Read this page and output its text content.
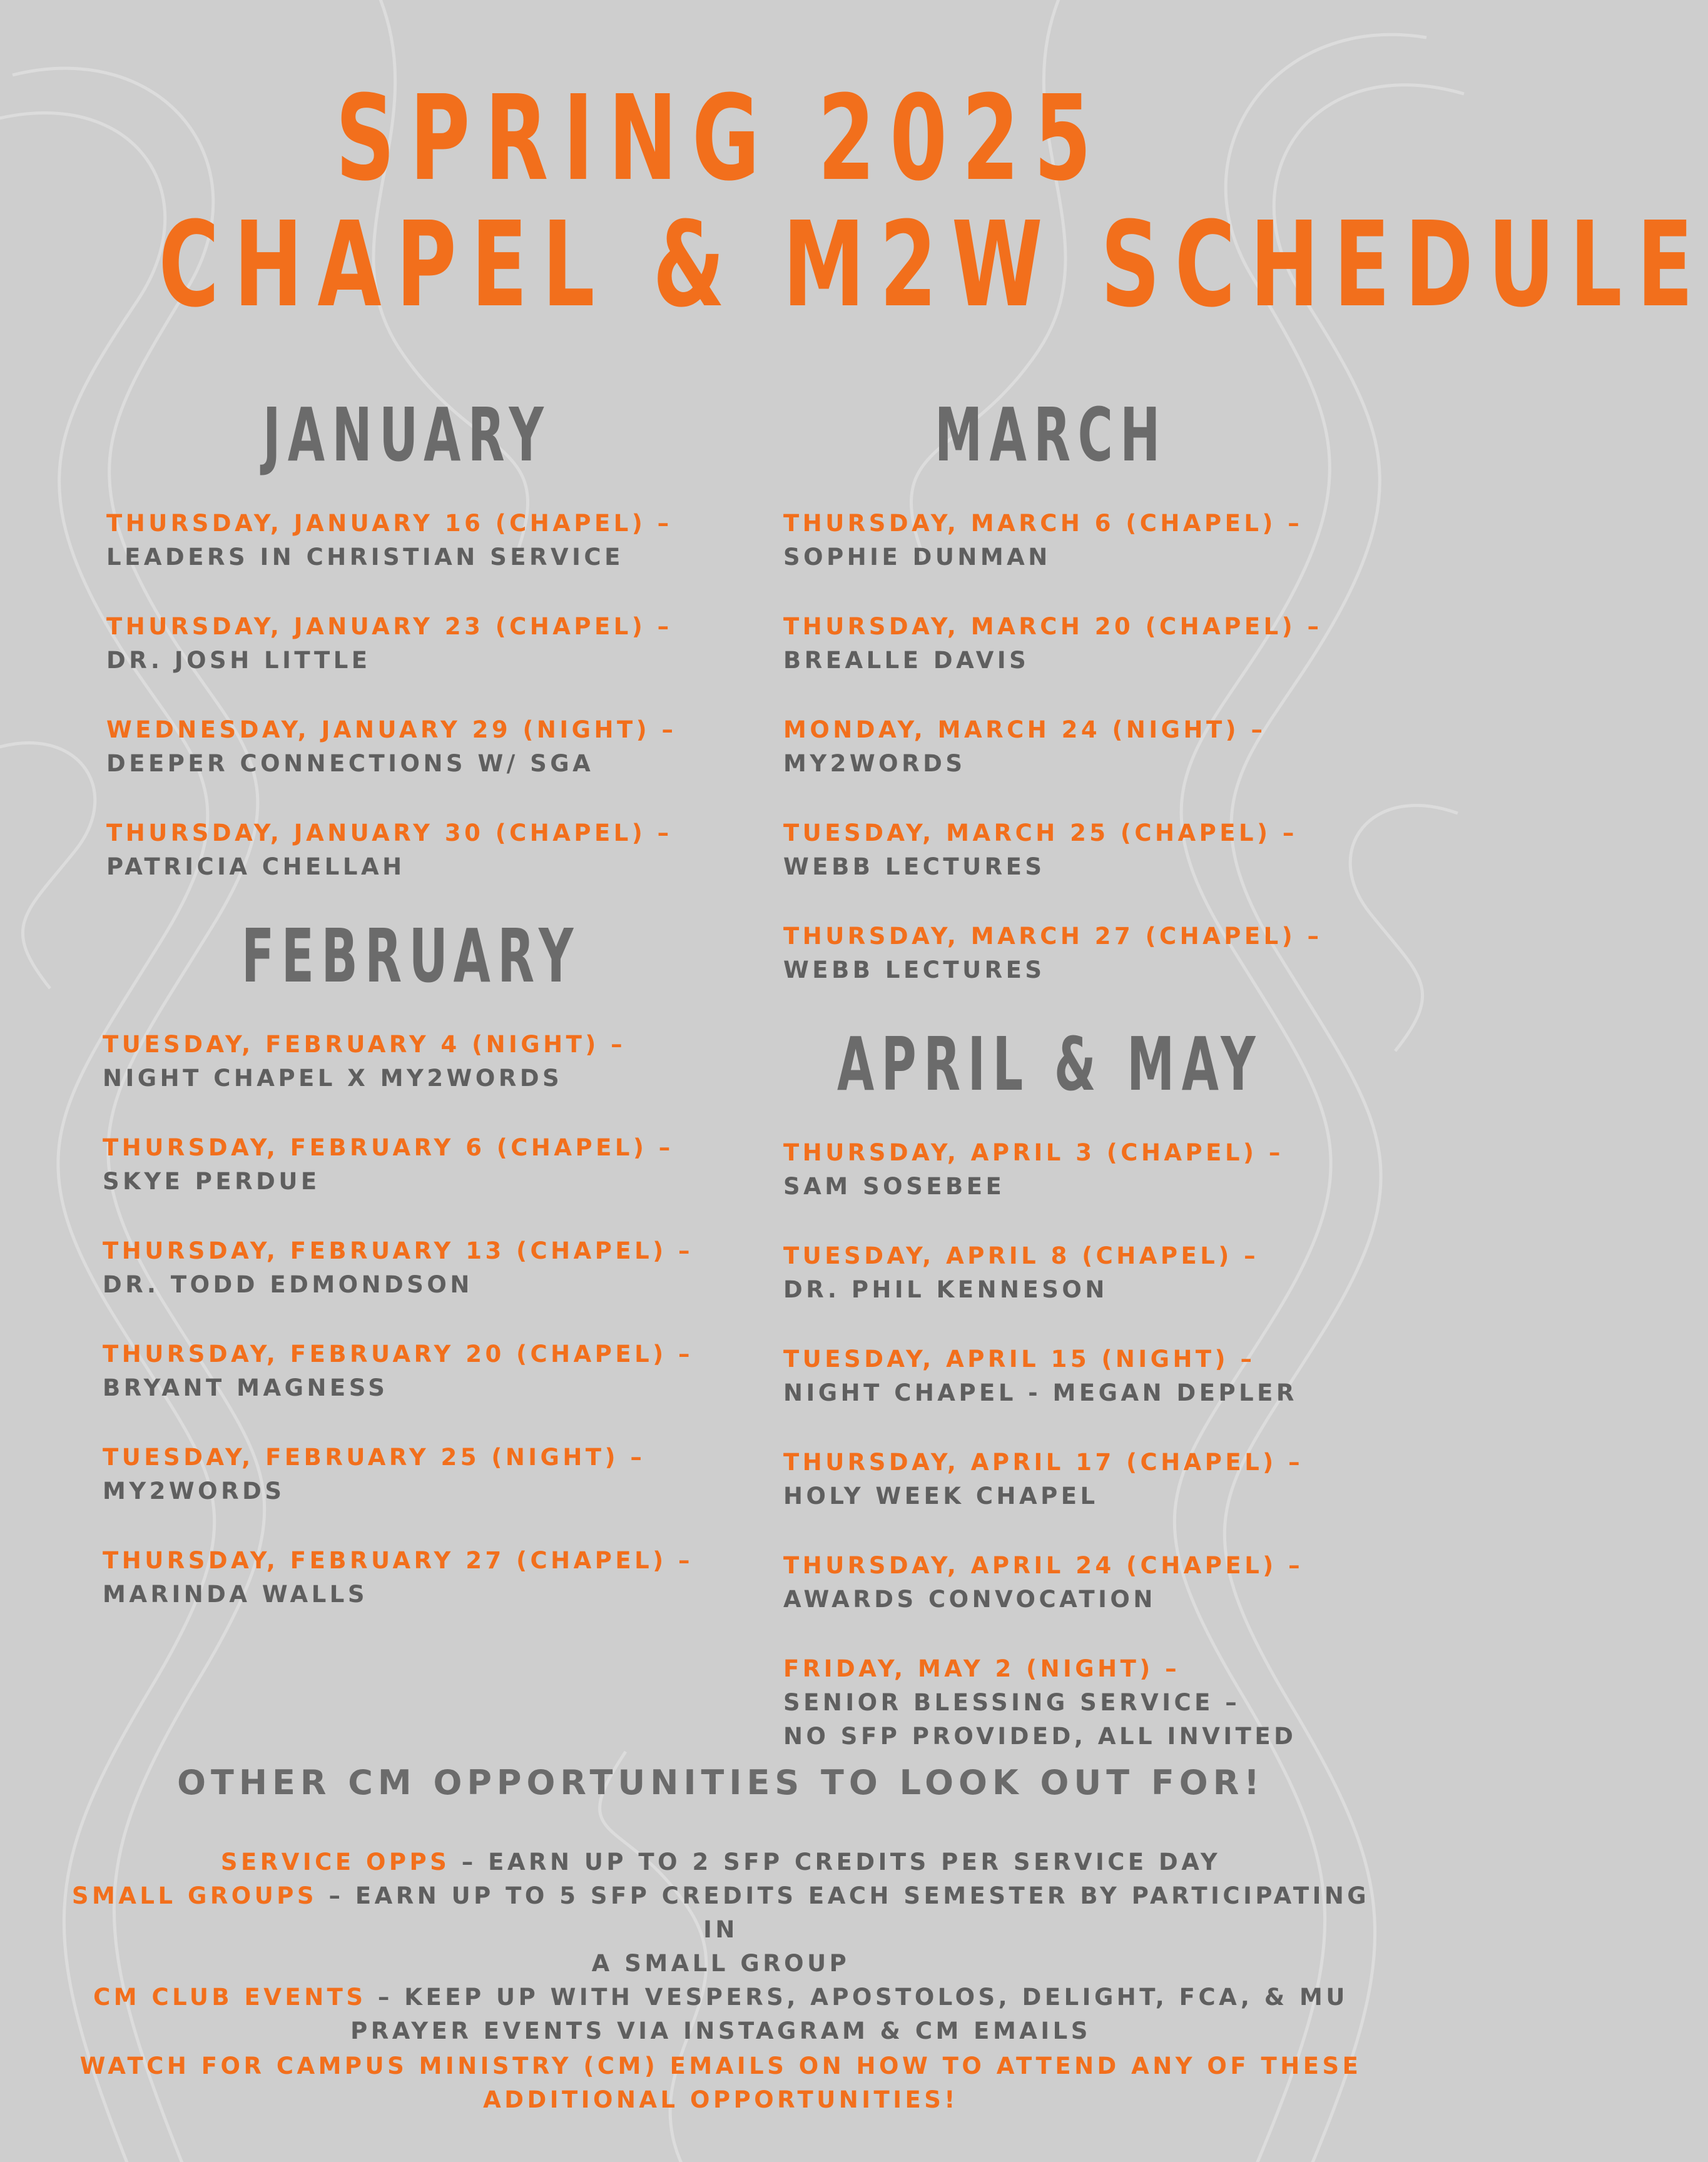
SPRING 2025
CHAPEL & M2W SCHEDULE
JANUARY
THURSDAY, JANUARY 16 (CHAPEL) –
LEADERS IN CHRISTIAN SERVICE
THURSDAY, JANUARY 23 (CHAPEL) –
DR. JOSH LITTLE
WEDNESDAY, JANUARY 29 (NIGHT) –
DEEPER CONNECTIONS W/ SGA
THURSDAY, JANUARY 30 (CHAPEL) –
PATRICIA CHELLAH
FEBRUARY
TUESDAY, FEBRUARY 4 (NIGHT) –
NIGHT CHAPEL X MY2WORDS
THURSDAY, FEBRUARY 6 (CHAPEL) –
SKYE PERDUE
THURSDAY, FEBRUARY 13 (CHAPEL) –
DR. TODD EDMONDSON
THURSDAY, FEBRUARY 20 (CHAPEL) –
BRYANT MAGNESS
TUESDAY, FEBRUARY 25 (NIGHT) –
MY2WORDS
THURSDAY, FEBRUARY 27 (CHAPEL) –
MARINDA WALLS
MARCH
THURSDAY, MARCH 6 (CHAPEL) –
SOPHIE DUNMAN
THURSDAY, MARCH 20 (CHAPEL) –
BREALLE DAVIS
MONDAY, MARCH 24 (NIGHT) –
MY2WORDS
TUESDAY, MARCH 25 (CHAPEL) –
WEBB LECTURES
THURSDAY, MARCH 27 (CHAPEL) –
WEBB LECTURES
APRIL & MAY
THURSDAY, APRIL 3 (CHAPEL) –
SAM SOSEBEE
TUESDAY, APRIL 8 (CHAPEL) –
DR. PHIL KENNESON
TUESDAY, APRIL 15 (NIGHT) –
NIGHT CHAPEL - MEGAN DEPLER
THURSDAY, APRIL 17 (CHAPEL) –
HOLY WEEK CHAPEL
THURSDAY, APRIL 24 (CHAPEL) –
AWARDS CONVOCATION
FRIDAY, MAY 2 (NIGHT) –
SENIOR BLESSING SERVICE –
NO SFP PROVIDED, ALL INVITED
OTHER CM OPPORTUNITIES TO LOOK OUT FOR!

SERVICE OPPS – EARN UP TO 2 SFP CREDITS PER SERVICE DAY

SMALL GROUPS – EARN UP TO 5 SFP CREDITS EACH SEMESTER BY PARTICIPATING IN

A SMALL GROUP

CM CLUB EVENTS – KEEP UP WITH VESPERS, APOSTOLOS, DELIGHT, FCA, & MU

PRAYER EVENTS VIA INSTAGRAM & CM EMAILS

WATCH FOR CAMPUS MINISTRY (CM) EMAILS ON HOW TO ATTEND ANY OF THESE
ADDITIONAL OPPORTUNITIES!
